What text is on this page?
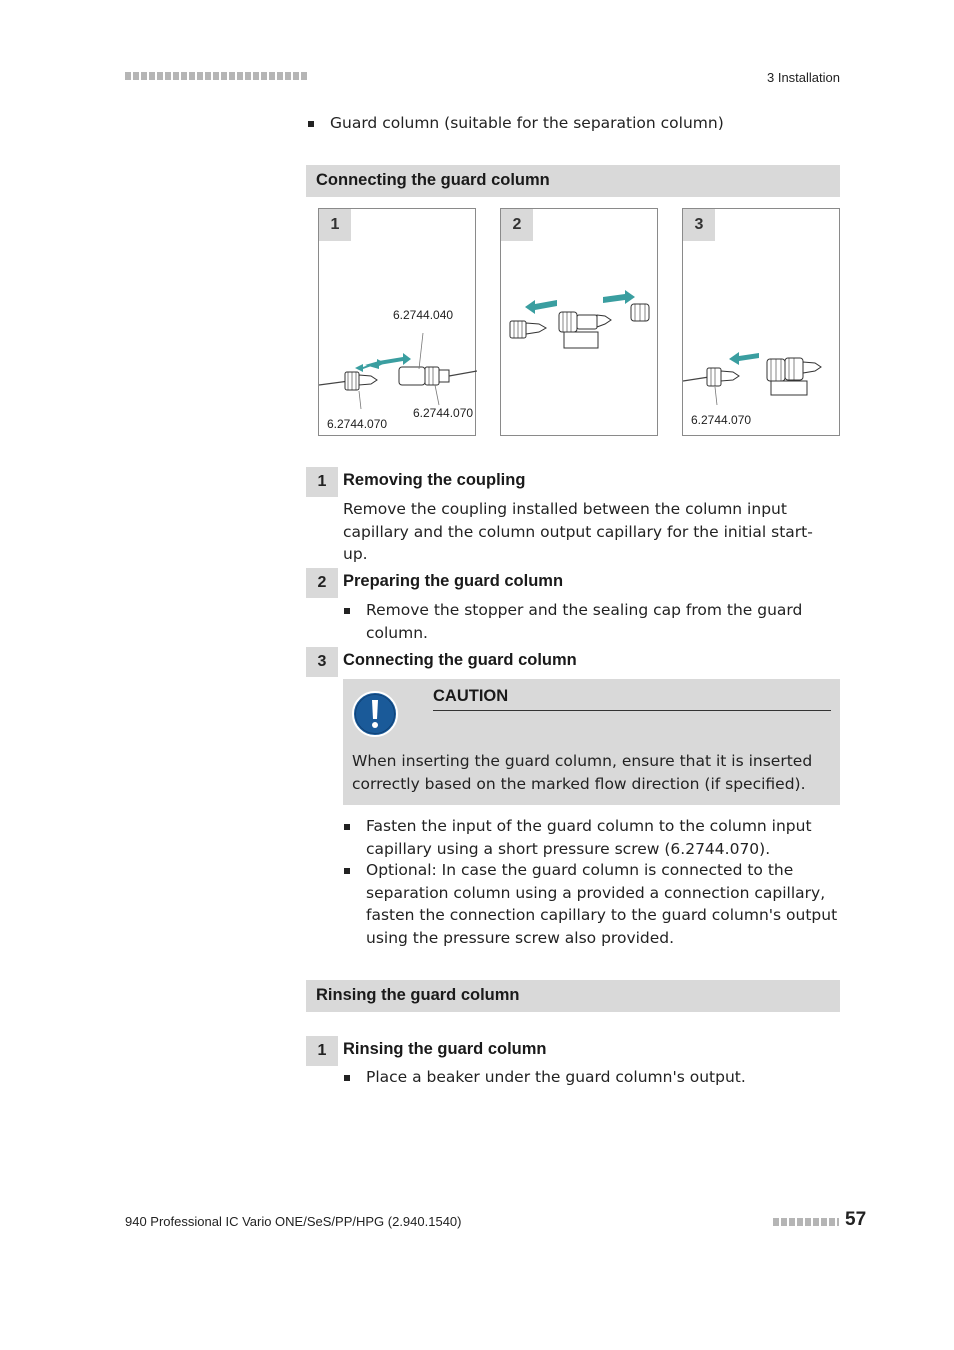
3 Installation
Guard column (suitable for the separation column)
Connecting the guard column
1
6.2744.040
6.2744.070
6.2744.070
2	3
6.2744.070
1	Removing the coupling
Remove the coupling installed between the column input capillary and the column output capillary for the initial start-up.
2	Preparing the guard column
Remove the stopper and the sealing cap from the guard column.
3	Connecting the guard column
CAUTION
When inserting the guard column, ensure that it is inserted correctly based on the marked flow direction (if specified).
Fasten the input of the guard column to the column input capillary using a short pressure screw (6.2744.070).
Optional: In case the guard column is connected to the separation column using a provided a connection capillary, fasten the connection capillary to the guard column's output using the pressure screw also provided.
Rinsing the guard column
1	Rinsing the guard column
Place a beaker under the guard column's output.
940 Professional IC Vario ONE/SeS/PP/HPG (2.940.1540)	57
